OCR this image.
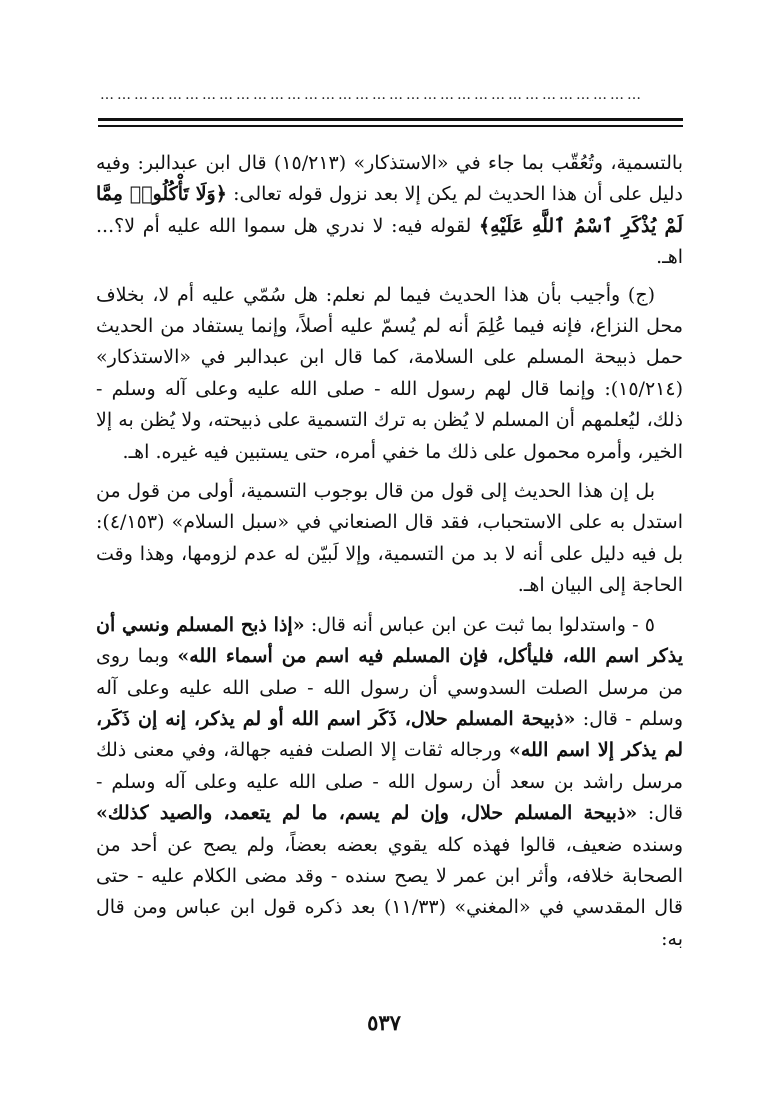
……………………………………………………………………………………

بالتسمية، وتُعُقّب بما جاء في «الاستذكار» (١٥/٢١٣) قال ابن عبدالبر: وفيه دليل على أن هذا الحديث لم يكن إلا بعد نزول قوله تعالى: ﴿وَلَا تَأْكُلُوا۟ مِمَّا لَمْ يُذْكَرِ ٱسْمُ ٱللَّهِ عَلَيْهِ﴾ لقوله فيه: لا ندري هل سموا الله عليه أم لا؟... اهـ.

(ج) وأجيب بأن هذا الحديث فيما لم نعلم: هل سُمّي عليه أم لا، بخلاف محل النزاع، فإنه فيما عُلِمَ أنه لم يُسمّ عليه أصلاً، وإنما يستفاد من الحديث حمل ذبيحة المسلم على السلامة، كما قال ابن عبدالبر في «الاستذكار» (١٥/٢١٤): وإنما قال لهم رسول الله - صلى الله عليه وعلى آله وسلم - ذلك، ليُعلمهم أن المسلم لا يُظن به ترك التسمية على ذبيحته، ولا يُظن به إلا الخير، وأمره محمول على ذلك ما خفي أمره، حتى يستبين فيه غيره. اهـ.

بل إن هذا الحديث إلى قول من قال بوجوب التسمية، أولى من قول من استدل به على الاستحباب، فقد قال الصنعاني في «سبل السلام» (٤/١٥٣): بل فيه دليل على أنه لا بد من التسمية، وإلا لَبيّن له عدم لزومها، وهذا وقت الحاجة إلى البيان اهـ.

٥ - واستدلوا بما ثبت عن ابن عباس أنه قال: «إذا ذبح المسلم ونسي أن يذكر اسم الله، فليأكل، فإن المسلم فيه اسم من أسماء الله» وبما روى من مرسل الصلت السدوسي أن رسول الله - صلى الله عليه وعلى آله وسلم - قال: «ذبيحة المسلم حلال، ذَكَر اسم الله أو لم يذكر، إنه إن ذَكَر، لم يذكر إلا اسم الله» ورجاله ثقات إلا الصلت ففيه جهالة، وفي معنى ذلك مرسل راشد بن سعد أن رسول الله - صلى الله عليه وعلى آله وسلم - قال: «ذبيحة المسلم حلال، وإن لم يسم، ما لم يتعمد، والصيد كذلك» وسنده ضعيف، قالوا فهذه كله يقوي بعضه بعضاً، ولم يصح عن أحد من الصحابة خلافه، وأثر ابن عمر لا يصح سنده - وقد مضى الكلام عليه - حتى قال المقدسي في «المغني» (١١/٣٣) بعد ذكره قول ابن عباس ومن قال به:

٥٣٧
